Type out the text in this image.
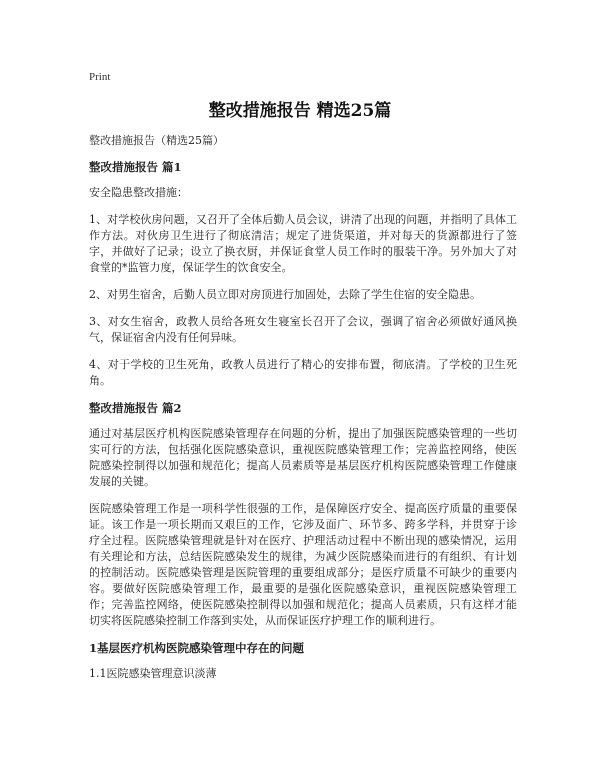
Print
整改措施报告 精选25篇

整改措施报告（精选25篇）

整改措施报告 篇1

安全隐患整改措施：

1、对学校伙房问题，又召开了全体后勤人员会议，讲清了出现的问题，并指明了具体工作方法。对伙房卫生进行了彻底清洁；规定了进货渠道，并对每天的货源都进行了签字，并做好了记录；设立了换衣厨，并保证食堂人员工作时的服装干净。另外加大了对食堂的*监管力度，保证学生的饮食安全。

2、对男生宿舍，后勤人员立即对房顶进行加固处，去除了学生住宿的安全隐患。

3、对女生宿舍，政教人员给各班女生寝室长召开了会议，强调了宿舍必须做好通风换气，保证宿舍内没有任何异味。

4、对于学校的卫生死角，政教人员进行了精心的安排布置，彻底清。了学校的卫生死角。

整改措施报告 篇2

通过对基层医疗机构医院感染管理存在问题的分析，提出了加强医院感染管理的一些切实可行的方法，包括强化医院感染意识，重视医院感染管理工作；完善监控网络，使医院感染控制得以加强和规范化；提高人员素质等是基层医疗机构医院感染管理工作健康发展的关键。

医院感染管理工作是一项科学性很强的工作，是保障医疗安全、提高医疗质量的重要保证。该工作是一项长期而又艰巨的工作，它涉及面广、环节多、跨多学科，并贯穿于诊疗全过程。医院感染管理就是针对在医疗、护理活动过程中不断出现的感染情况，运用有关理论和方法，总结医院感染发生的规律，为减少医院感染而进行的有组织、有计划的控制活动。医院感染管理是医院管理的重要组成部分；是医疗质量不可缺少的重要内容。要做好医院感染管理工作，最重要的是强化医院感染意识，重视医院感染管理工作；完善监控网络，使医院感染控制得以加强和规范化；提高人员素质，只有这样才能切实将医院感染控制工作落到实处，从而保证医疗护理工作的顺利进行。

1基层医疗机构医院感染管理中存在的问题

1.1医院感染管理意识淡薄
